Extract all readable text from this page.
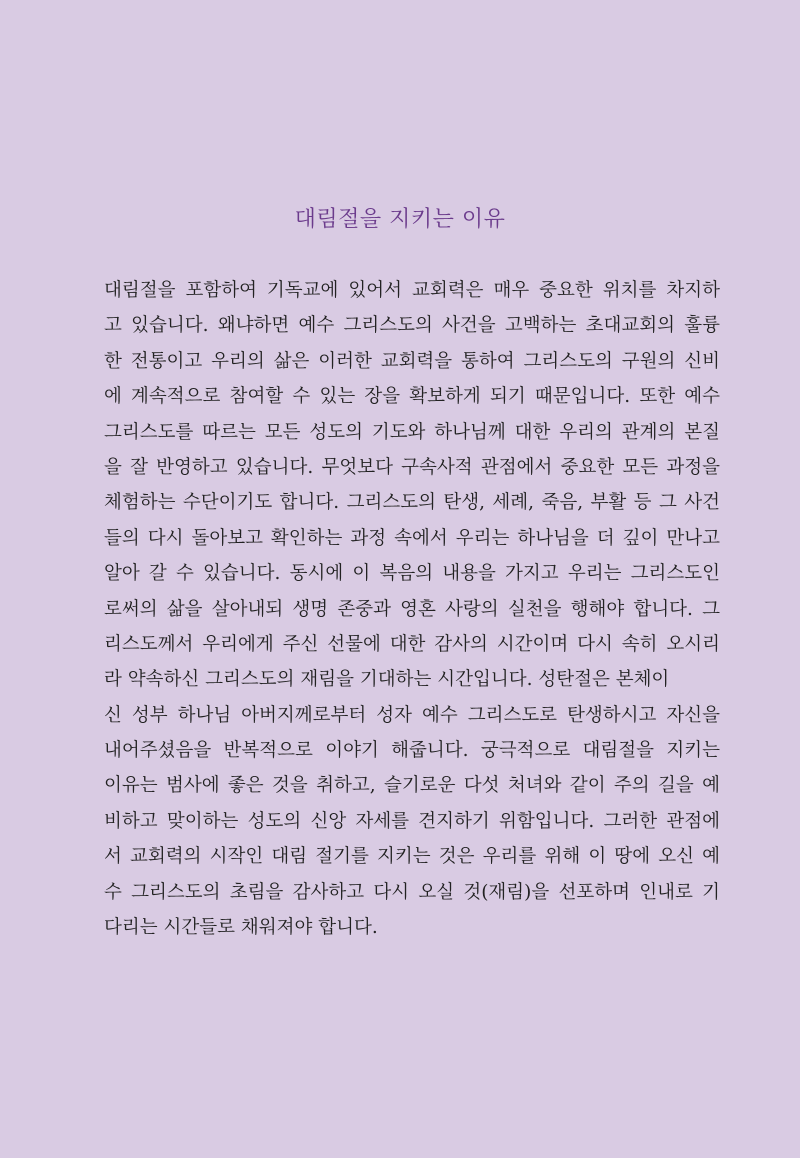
대림절을 지키는 이유
대림절을 포함하여 기독교에 있어서 교회력은 매우 중요한 위치를 차지하
고 있습니다. 왜냐하면 예수 그리스도의 사건을 고백하는 초대교회의 훌륭
한 전통이고 우리의 삶은 이러한 교회력을 통하여 그리스도의 구원의 신비
에 계속적으로 참여할 수 있는 장을 확보하게 되기 때문입니다. 또한 예수
그리스도를 따르는 모든 성도의 기도와 하나님께 대한 우리의 관계의 본질
을 잘 반영하고 있습니다. 무엇보다 구속사적 관점에서 중요한 모든 과정을
체험하는 수단이기도 합니다. 그리스도의 탄생, 세례, 죽음, 부활 등 그 사건
들의 다시 돌아보고 확인하는 과정 속에서 우리는 하나님을 더 깊이 만나고
알아 갈 수 있습니다. 동시에 이 복음의 내용을 가지고 우리는 그리스도인
로써의 삶을 살아내되 생명 존중과 영혼 사랑의 실천을 행해야 합니다. 그
리스도께서 우리에게 주신 선물에 대한 감사의 시간이며 다시 속히 오시리
라 약속하신 그리스도의 재림을 기대하는 시간입니다. 성탄절은 본체이
신 성부 하나님 아버지께로부터 성자 예수 그리스도로 탄생하시고 자신을
내어주셨음을 반복적으로 이야기 해줍니다. 궁극적으로 대림절을 지키는
이유는 범사에 좋은 것을 취하고, 슬기로운 다섯 처녀와 같이 주의 길을 예
비하고 맞이하는 성도의 신앙 자세를 견지하기 위함입니다. 그러한 관점에
서 교회력의 시작인 대림 절기를 지키는 것은 우리를 위해 이 땅에 오신 예
수 그리스도의 초림을 감사하고 다시 오실 것(재림)을 선포하며 인내로 기
다리는 시간들로 채워져야 합니다.
